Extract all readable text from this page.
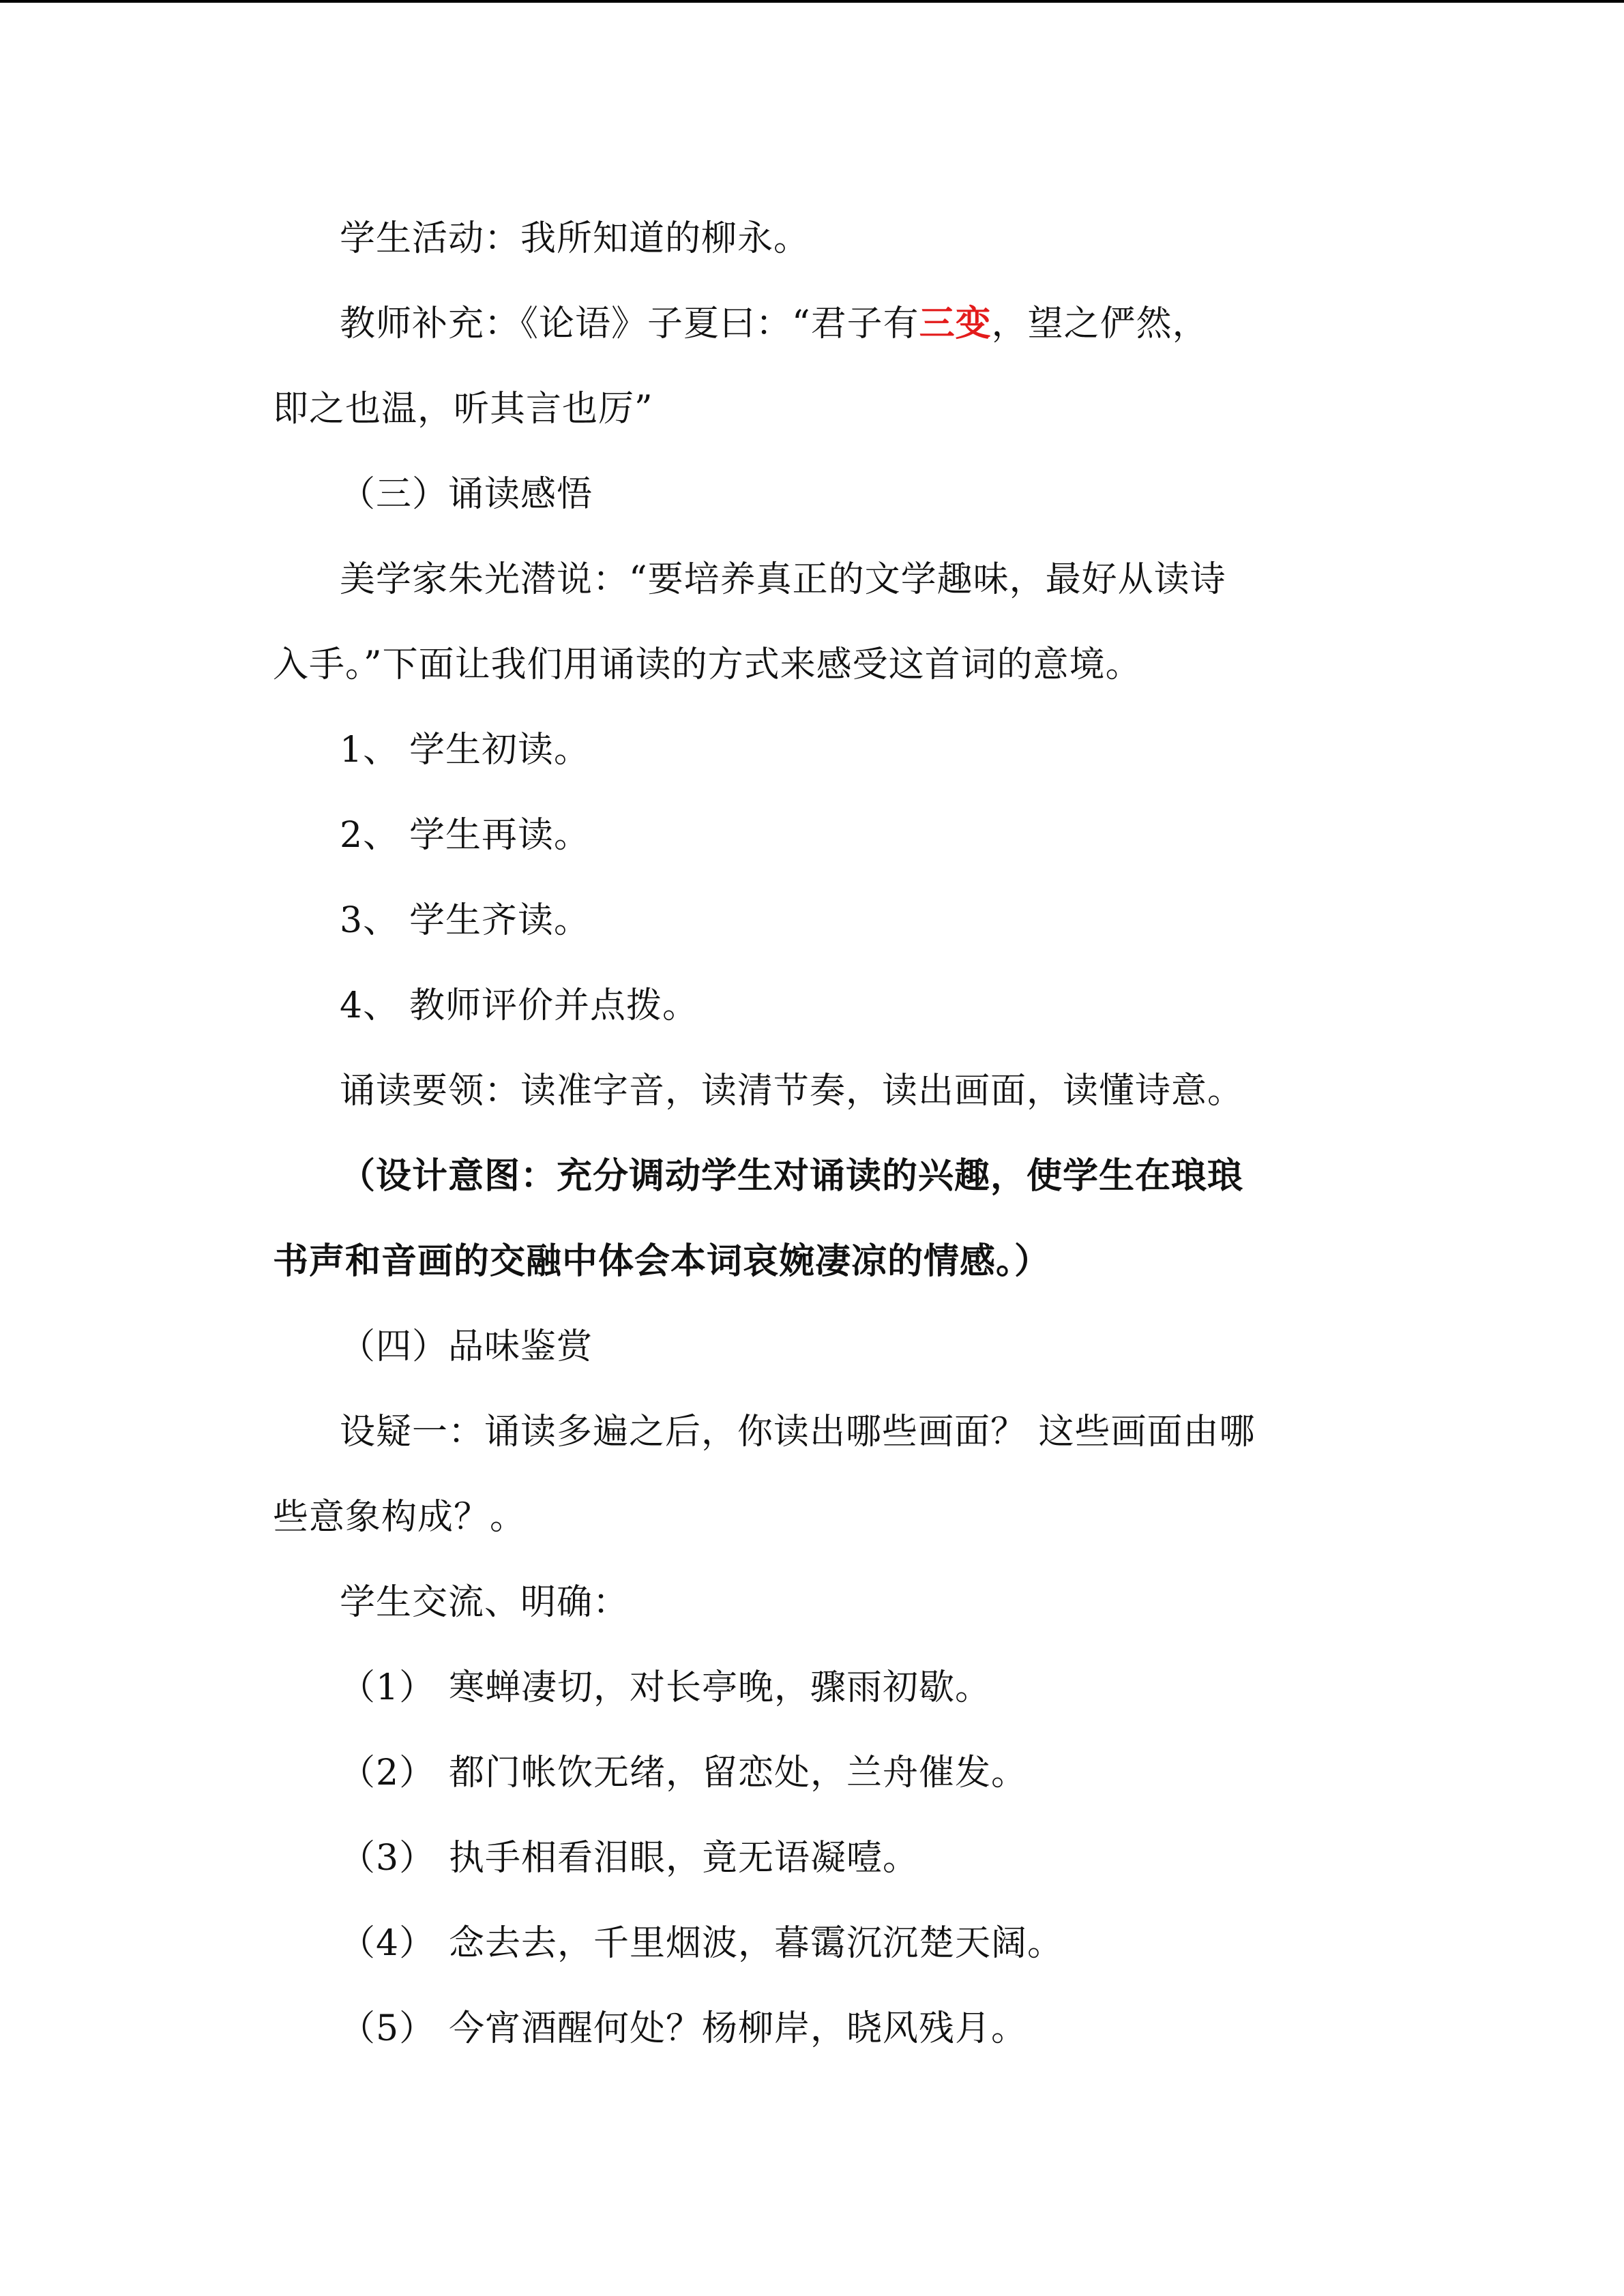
学生活动：我所知道的柳永。
教师补充：《论语》子夏曰：“君子有三变，望之俨然，
即之也温，听其言也厉”
（三）诵读感悟
美学家朱光潜说：“要培养真正的文学趣味，最好从读诗
入手。”下面让我们用诵读的方式来感受这首词的意境。
1、 学生初读。
2、 学生再读。
3、 学生齐读。
4、 教师评价并点拨。
诵读要领：读准字音，读清节奏，读出画面，读懂诗意。
（设计意图：充分调动学生对诵读的兴趣，使学生在琅琅
书声和音画的交融中体会本词哀婉凄凉的情感。）
（四）品味鉴赏
设疑一：诵读多遍之后，你读出哪些画面？ 这些画面由哪
些意象构成？。
学生交流、明确：
（1） 寒蝉凄切，对长亭晚，骤雨初歇。
（2） 都门帐饮无绪，留恋处，兰舟催发。
（3） 执手相看泪眼，竟无语凝噎。
（4） 念去去，千里烟波，暮霭沉沉楚天阔。
（5） 今宵酒醒何处？杨柳岸，晓风残月。
